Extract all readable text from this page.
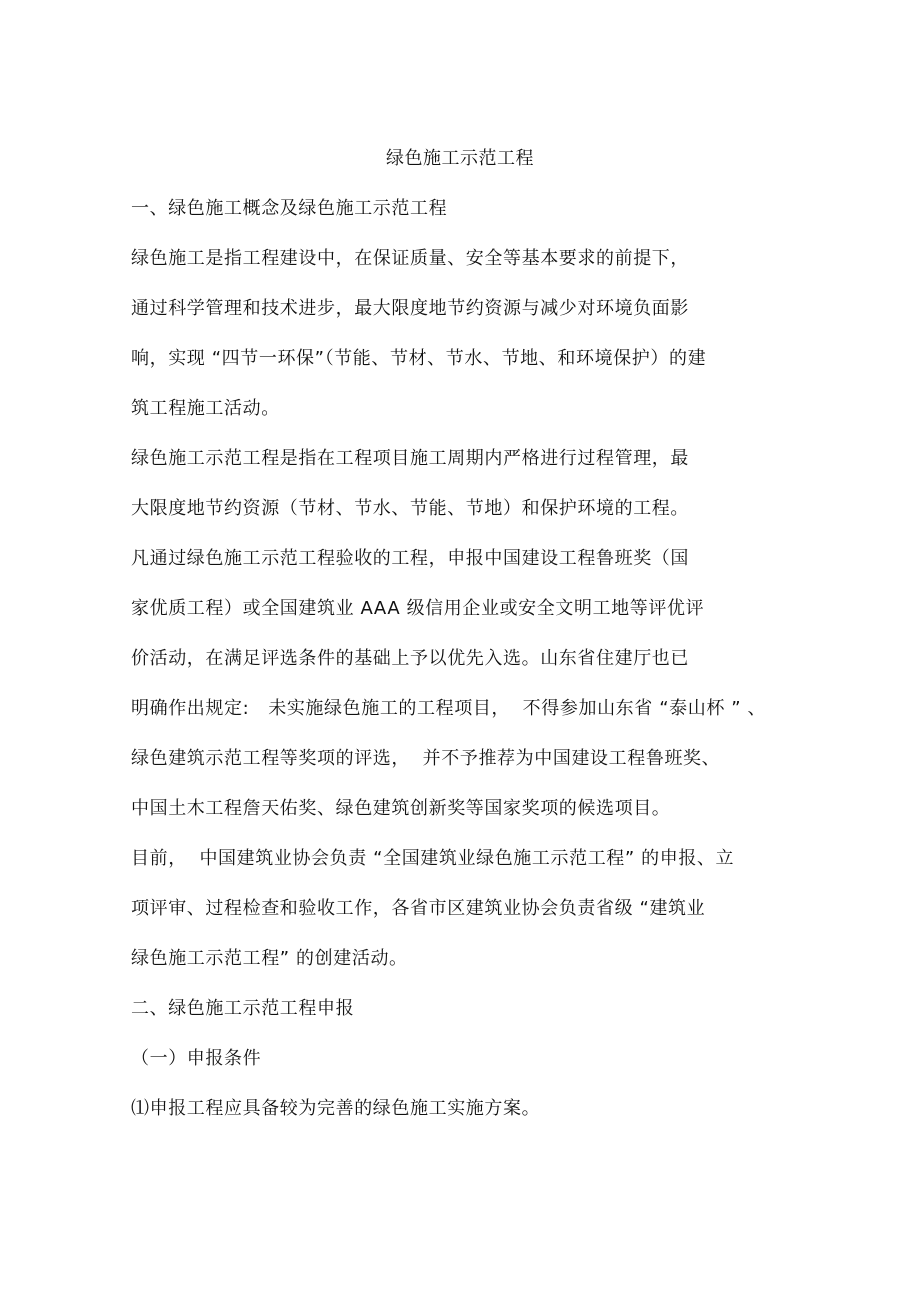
绿色施工示范工程
一、绿色施工概念及绿色施工示范工程
绿色施工是指工程建设中，在保证质量、安全等基本要求的前提下，
通过科学管理和技术进步，最大限度地节约资源与减少对环境负面影
响，实现 “四节一环保”（节能、节材、节水、节地、和环境保护）的建
筑工程施工活动。
绿色施工示范工程是指在工程项目施工周期内严格进行过程管理，最
大限度地节约资源（节材、节水、节能、节地）和保护环境的工程。
凡通过绿色施工示范工程验收的工程，申报中国建设工程鲁班奖（国
家优质工程）或全国建筑业 AAA 级信用企业或安全文明工地等评优评
价活动，在满足评选条件的基础上予以优先入选。山东省住建厅也已
明确作出规定:   未实施绿色施工的工程项目，  不得参加山东省 “泰山杯 ” 、
绿色建筑示范工程等奖项的评选，  并不予推荐为中国建设工程鲁班奖、
中国土木工程詹天佑奖、绿色建筑创新奖等国家奖项的候选项目。
目前，  中国建筑业协会负责 “全国建筑业绿色施工示范工程” 的申报、立
项评审、过程检查和验收工作，各省市区建筑业协会负责省级 “建筑业
绿色施工示范工程” 的创建活动。
二、绿色施工示范工程申报
（一）申报条件
⑴申报工程应具备较为完善的绿色施工实施方案。
